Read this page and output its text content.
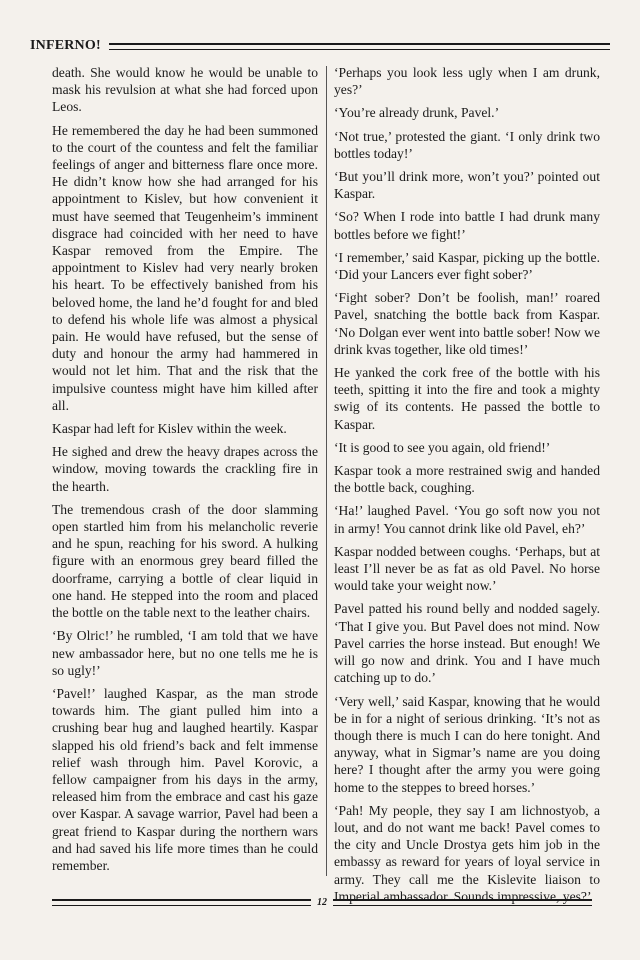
INFERNO!

death. She would know he would be unable to mask his revulsion at what she had forced upon Leos.

He remembered the day he had been summoned to the court of the countess and felt the familiar feelings of anger and bitterness flare once more. He didn’t know how she had arranged for his appointment to Kislev, but how convenient it must have seemed that Teugenheim’s imminent disgrace had coincided with her need to have Kaspar removed from the Empire. The appointment to Kislev had very nearly broken his heart. To be effectively banished from his beloved home, the land he’d fought for and bled to defend his whole life was almost a physical pain. He would have refused, but the sense of duty and honour the army had hammered in would not let him. That and the risk that the impulsive countess might have him killed after all.

Kaspar had left for Kislev within the week.

He sighed and drew the heavy drapes across the window, moving towards the crackling fire in the hearth.

The tremendous crash of the door slamming open startled him from his melancholic reverie and he spun, reaching for his sword. A hulking figure with an enormous grey beard filled the doorframe, carrying a bottle of clear liquid in one hand. He stepped into the room and placed the bottle on the table next to the leather chairs.

‘By Olric!’ he rumbled, ‘I am told that we have new ambassador here, but no one tells me he is so ugly!’

‘Pavel!’ laughed Kaspar, as the man strode towards him. The giant pulled him into a crushing bear hug and laughed heartily. Kaspar slapped his old friend’s back and felt immense relief wash through him. Pavel Korovic, a fellow campaigner from his days in the army, released him from the embrace and cast his gaze over Kaspar. A savage warrior, Pavel had been a great friend to Kaspar during the northern wars and had saved his life more times than he could remember.

‘Perhaps you look less ugly when I am drunk, yes?’

‘You’re already drunk, Pavel.’

‘Not true,’ protested the giant. ‘I only drink two bottles today!’

‘But you’ll drink more, won’t you?’ pointed out Kaspar.

‘So? When I rode into battle I had drunk many bottles before we fight!’

‘I remember,’ said Kaspar, picking up the bottle. ‘Did your Lancers ever fight sober?’

‘Fight sober? Don’t be foolish, man!’ roared Pavel, snatching the bottle back from Kaspar. ‘No Dolgan ever went into battle sober! Now we drink kvas together, like old times!’

He yanked the cork free of the bottle with his teeth, spitting it into the fire and took a mighty swig of its contents. He passed the bottle to Kaspar.

‘It is good to see you again, old friend!’

Kaspar took a more restrained swig and handed the bottle back, coughing.

‘Ha!’ laughed Pavel. ‘You go soft now you not in army! You cannot drink like old Pavel, eh?’

Kaspar nodded between coughs. ‘Perhaps, but at least I’ll never be as fat as old Pavel. No horse would take your weight now.’

Pavel patted his round belly and nodded sagely. ‘That I give you. But Pavel does not mind. Now Pavel carries the horse instead. But enough! We will go now and drink. You and I have much catching up to do.’

‘Very well,’ said Kaspar, knowing that he would be in for a night of serious drinking. ‘It’s not as though there is much I can do here tonight. And anyway, what in Sigmar’s name are you doing here? I thought after the army you were going home to the steppes to breed horses.’

‘Pah! My people, they say I am lichnostyob, a lout, and do not want me back! Pavel comes to the city and Uncle Drostya gets him job in the embassy as reward for years of loyal service in army. They call me the Kislevite liaison to Imperial ambassador. Sounds impressive, yes?’

12
